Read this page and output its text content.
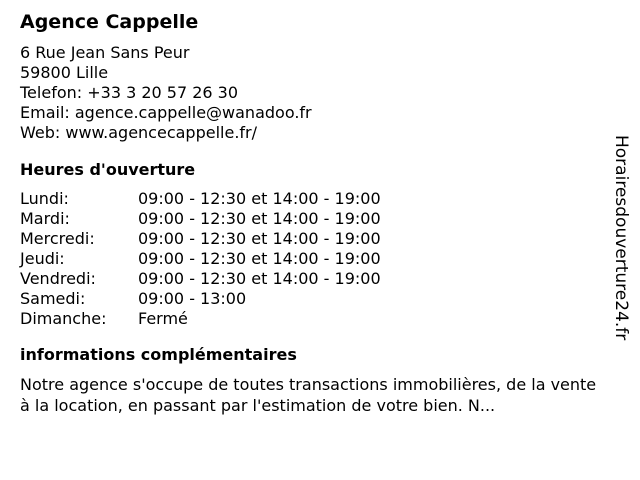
Agence Cappelle
6 Rue Jean Sans Peur
59800 Lille
Telefon: +33 3 20 57 26 30
Email: agence.cappelle@wanadoo.fr
Web: www.agencecappelle.fr/
Heures d'ouverture
Lundi:	09:00 - 12:30 et 14:00 - 19:00
Mardi:	09:00 - 12:30 et 14:00 - 19:00
Mercredi:	09:00 - 12:30 et 14:00 - 19:00
Jeudi:	09:00 - 12:30 et 14:00 - 19:00
Vendredi:	09:00 - 12:30 et 14:00 - 19:00
Samedi:	09:00 - 13:00
Dimanche:	Fermé
informations complémentaires
Notre agence s'occupe de toutes transactions immobilières, de la vente à la location, en passant par l'estimation de votre bien. N...
Horairesdouverture24.fr
